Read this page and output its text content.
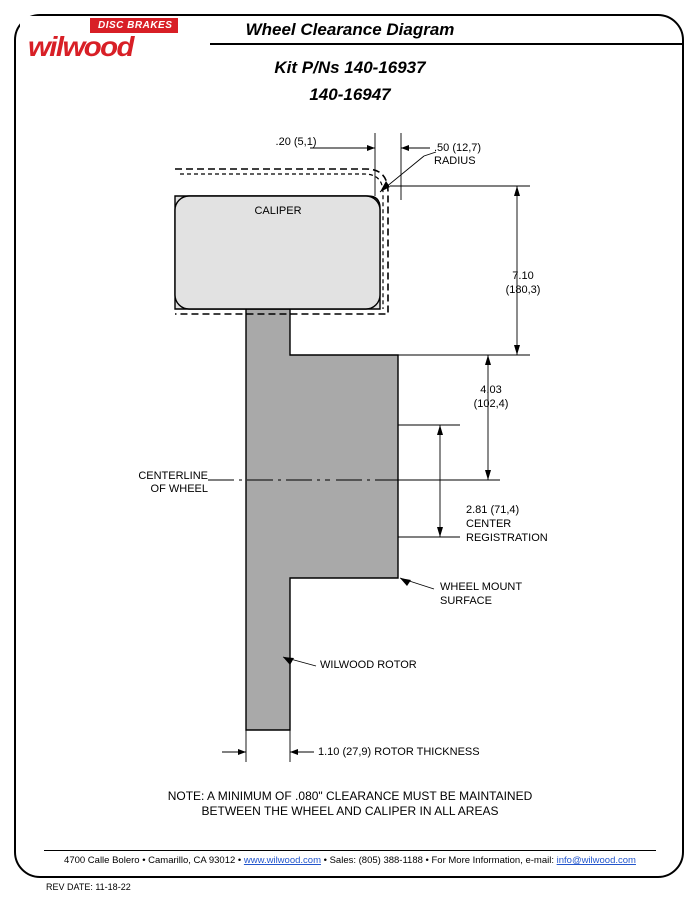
DISC BRAKES
wilwood
Wheel Clearance Diagram
Kit P/Ns 140-16937
140-16947
.20 (5,1)	.50 (12,7)
RADIUS
CALIPER
7.10
(180,3)
4.03
(102,4)
CENTERLINE
OF WHEEL
2.81 (71,4)
CENTER
REGISTRATION
WHEEL MOUNT
SURFACE
WILWOOD ROTOR
1.10 (27,9) ROTOR THICKNESS
NOTE: A MINIMUM OF .080" CLEARANCE MUST BE MAINTAINED
BETWEEN THE WHEEL AND CALIPER IN ALL AREAS
4700 Calle Bolero • Camarillo, CA 93012 • www.wilwood.com • Sales: (805) 388-1188 • For More Information, e-mail: info@wilwood.com
REV DATE: 11-18-22
